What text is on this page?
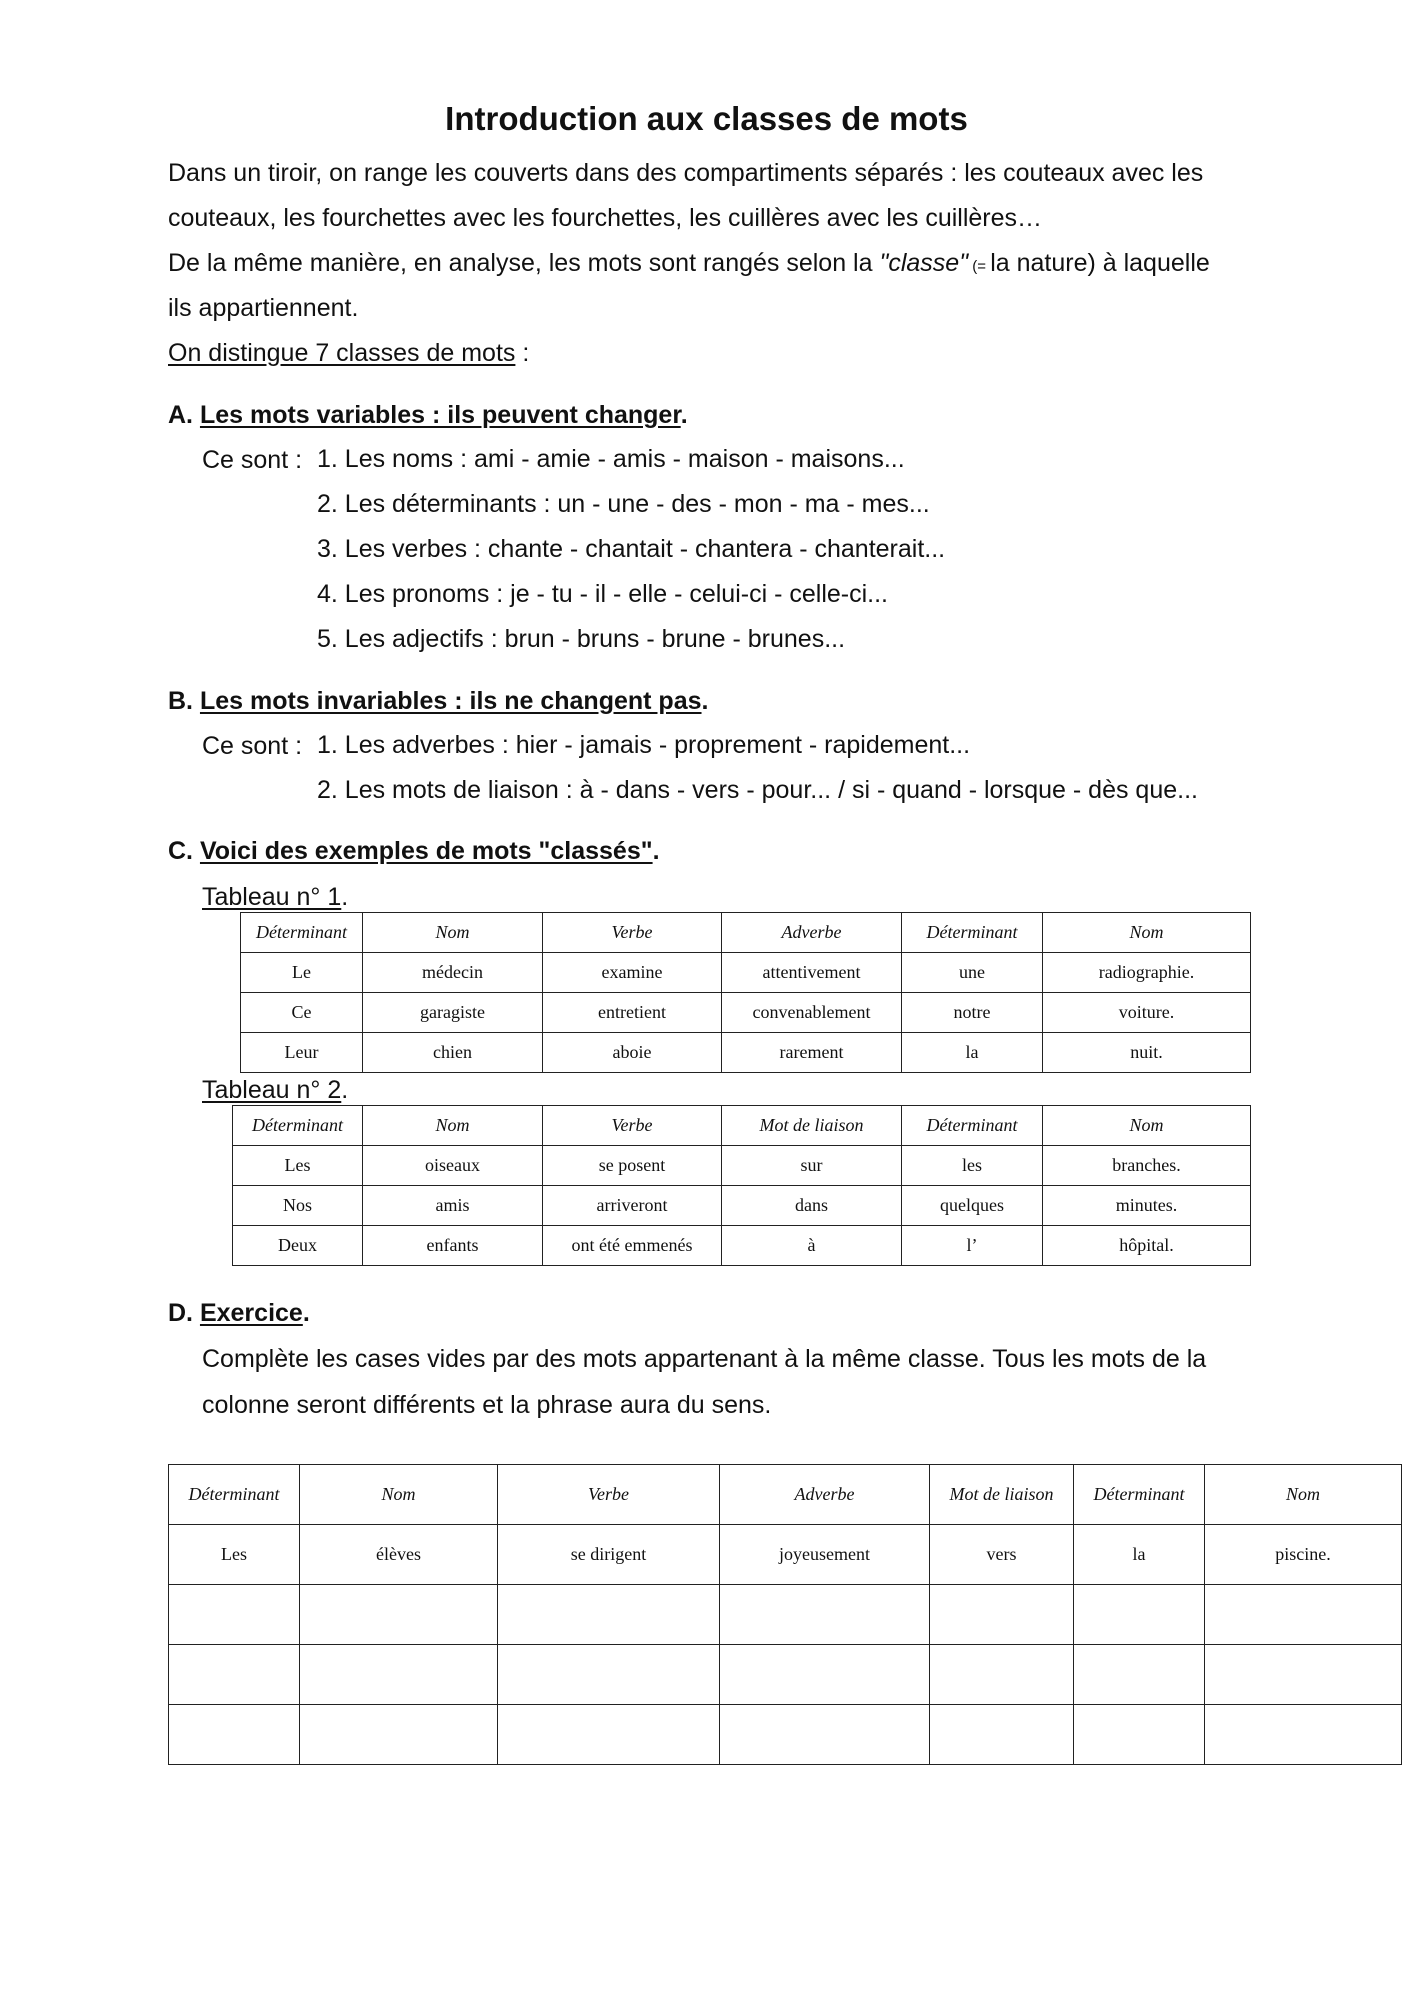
Introduction aux classes de mots
Dans un tiroir, on range les couverts dans des compartiments séparés : les couteaux avec les
couteaux, les fourchettes avec les fourchettes, les cuillères avec les cuillères…
De la même manière, en analyse, les mots sont rangés selon la "classe" (= la nature) à laquelle
ils appartiennent.
On distingue 7 classes de mots :
A. Les mots variables : ils peuvent changer.
Ce sont : 1. Les noms : ami - amie - amis - maison - maisons...
2. Les déterminants : un - une - des - mon - ma - mes...
3. Les verbes : chante - chantait - chantera - chanterait...
4. Les pronoms : je - tu - il - elle - celui-ci - celle-ci...
5. Les adjectifs : brun - bruns - brune - brunes...
B. Les mots invariables : ils ne changent pas.
Ce sont : 1. Les adverbes : hier - jamais - proprement - rapidement...
2. Les mots de liaison : à - dans - vers - pour... / si - quand - lorsque - dès que...
C. Voici des exemples de mots "classés".
Tableau n° 1.
Déterminant	Nom	Verbe	Adverbe	Déterminant	Nom
Le	médecin	examine	attentivement	une	radiographie.
Ce	garagiste	entretient	convenablement	notre	voiture.
Leur	chien	aboie	rarement	la	nuit.
Tableau n° 2.
Déterminant	Nom	Verbe	Mot de liaison	Déterminant	Nom
Les	oiseaux	se posent	sur	les	branches.
Nos	amis	arriveront	dans	quelques	minutes.
Deux	enfants	ont été emmenés	à	l’	hôpital.
D. Exercice.
Complète les cases vides par des mots appartenant à la même classe. Tous les mots de la
colonne seront différents et la phrase aura du sens.
Déterminant	Nom	Verbe	Adverbe	Mot de liaison	Déterminant	Nom
Les	élèves	se dirigent	joyeusement	vers	la	piscine.
